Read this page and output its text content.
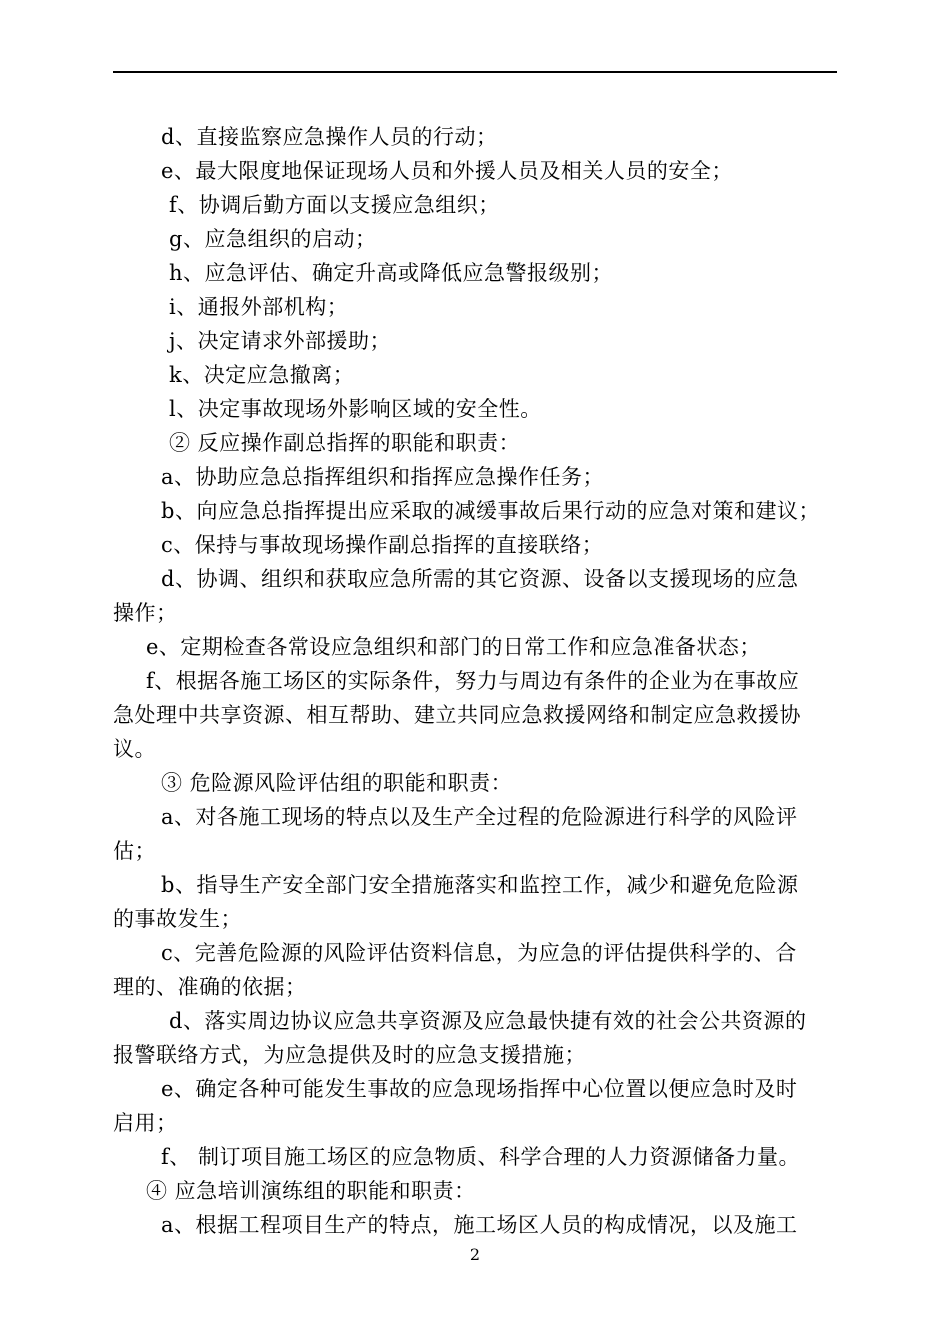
d、直接监察应急操作人员的行动；
e、最大限度地保证现场人员和外援人员及相关人员的安全；
f、协调后勤方面以支援应急组织；
g、应急组织的启动；
h、应急评估、确定升高或降低应急警报级别；
i、通报外部机构；
j、决定请求外部援助；
k、决定应急撤离；
l、决定事故现场外影响区域的安全性。
② 反应操作副总指挥的职能和职责：
a、协助应急总指挥组织和指挥应急操作任务；
b、向应急总指挥提出应采取的减缓事故后果行动的应急对策和建议；
c、保持与事故现场操作副总指挥的直接联络；
d、协调、组织和获取应急所需的其它资源、设备以支援现场的应急
操作；
e、定期检查各常设应急组织和部门的日常工作和应急准备状态；
f、根据各施工场区的实际条件，努力与周边有条件的企业为在事故应
急处理中共享资源、相互帮助、建立共同应急救援网络和制定应急救援协
议。
③ 危险源风险评估组的职能和职责：
a、对各施工现场的特点以及生产全过程的危险源进行科学的风险评
估；
b、指导生产安全部门安全措施落实和监控工作，减少和避免危险源
的事故发生；
c、完善危险源的风险评估资料信息，为应急的评估提供科学的、合
理的、准确的依据；
d、落实周边协议应急共享资源及应急最快捷有效的社会公共资源的
报警联络方式，为应急提供及时的应急支援措施；
e、确定各种可能发生事故的应急现场指挥中心位置以便应急时及时
启用；
f、 制订项目施工场区的应急物质、科学合理的人力资源储备力量。
④ 应急培训演练组的职能和职责：
a、根据工程项目生产的特点，施工场区人员的构成情况，以及施工
2
